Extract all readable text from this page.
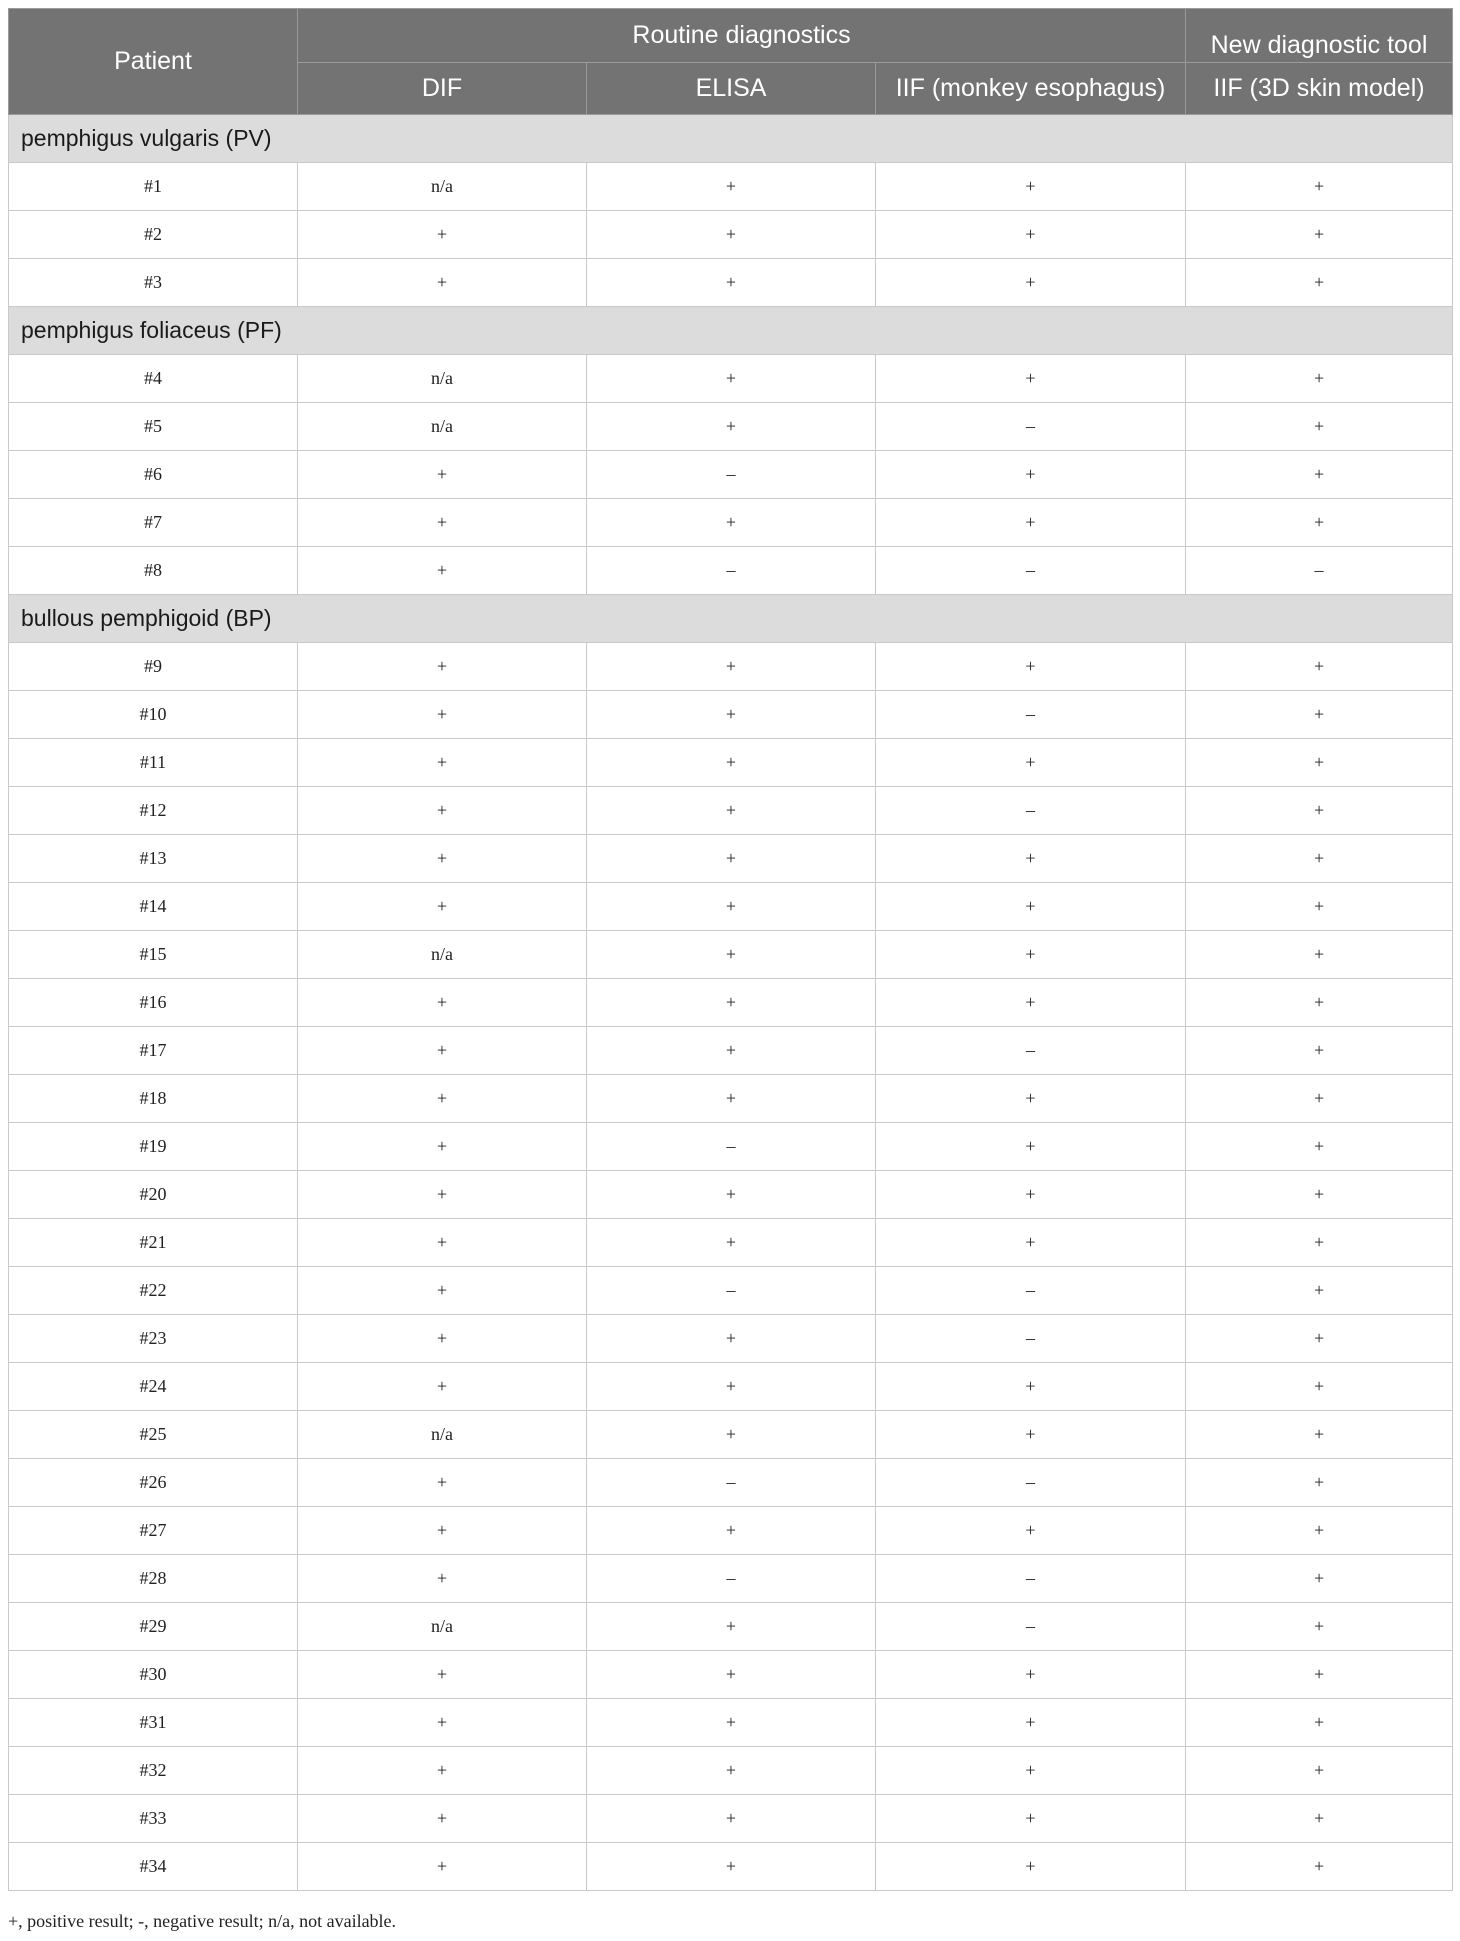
Patient	Routine diagnostics			New diagnostic tool
	DIF	ELISA	IIF (monkey esophagus)	IIF (3D skin model)
pemphigus vulgaris (PV)				
#1	n/a	+	+	+
#2	+	+	+	+
#3	+	+	+	+
pemphigus foliaceus (PF)				
#4	n/a	+	+	+
#5	n/a	+	–	+
#6	+	–	+	+
#7	+	+	+	+
#8	+	–	–	–
bullous pemphigoid (BP)				
#9	+	+	+	+
#10	+	+	–	+
#11	+	+	+	+
#12	+	+	–	+
#13	+	+	+	+
#14	+	+	+	+
#15	n/a	+	+	+
#16	+	+	+	+
#17	+	+	–	+
#18	+	+	+	+
#19	+	–	+	+
#20	+	+	+	+
#21	+	+	+	+
#22	+	–	–	+
#23	+	+	–	+
#24	+	+	+	+
#25	n/a	+	+	+
#26	+	–	–	+
#27	+	+	+	+
#28	+	–	–	+
#29	n/a	+	–	+
#30	+	+	+	+
#31	+	+	+	+
#32	+	+	+	+
#33	+	+	+	+
#34	+	+	+	+
+, positive result; -, negative result; n/a, not available.
